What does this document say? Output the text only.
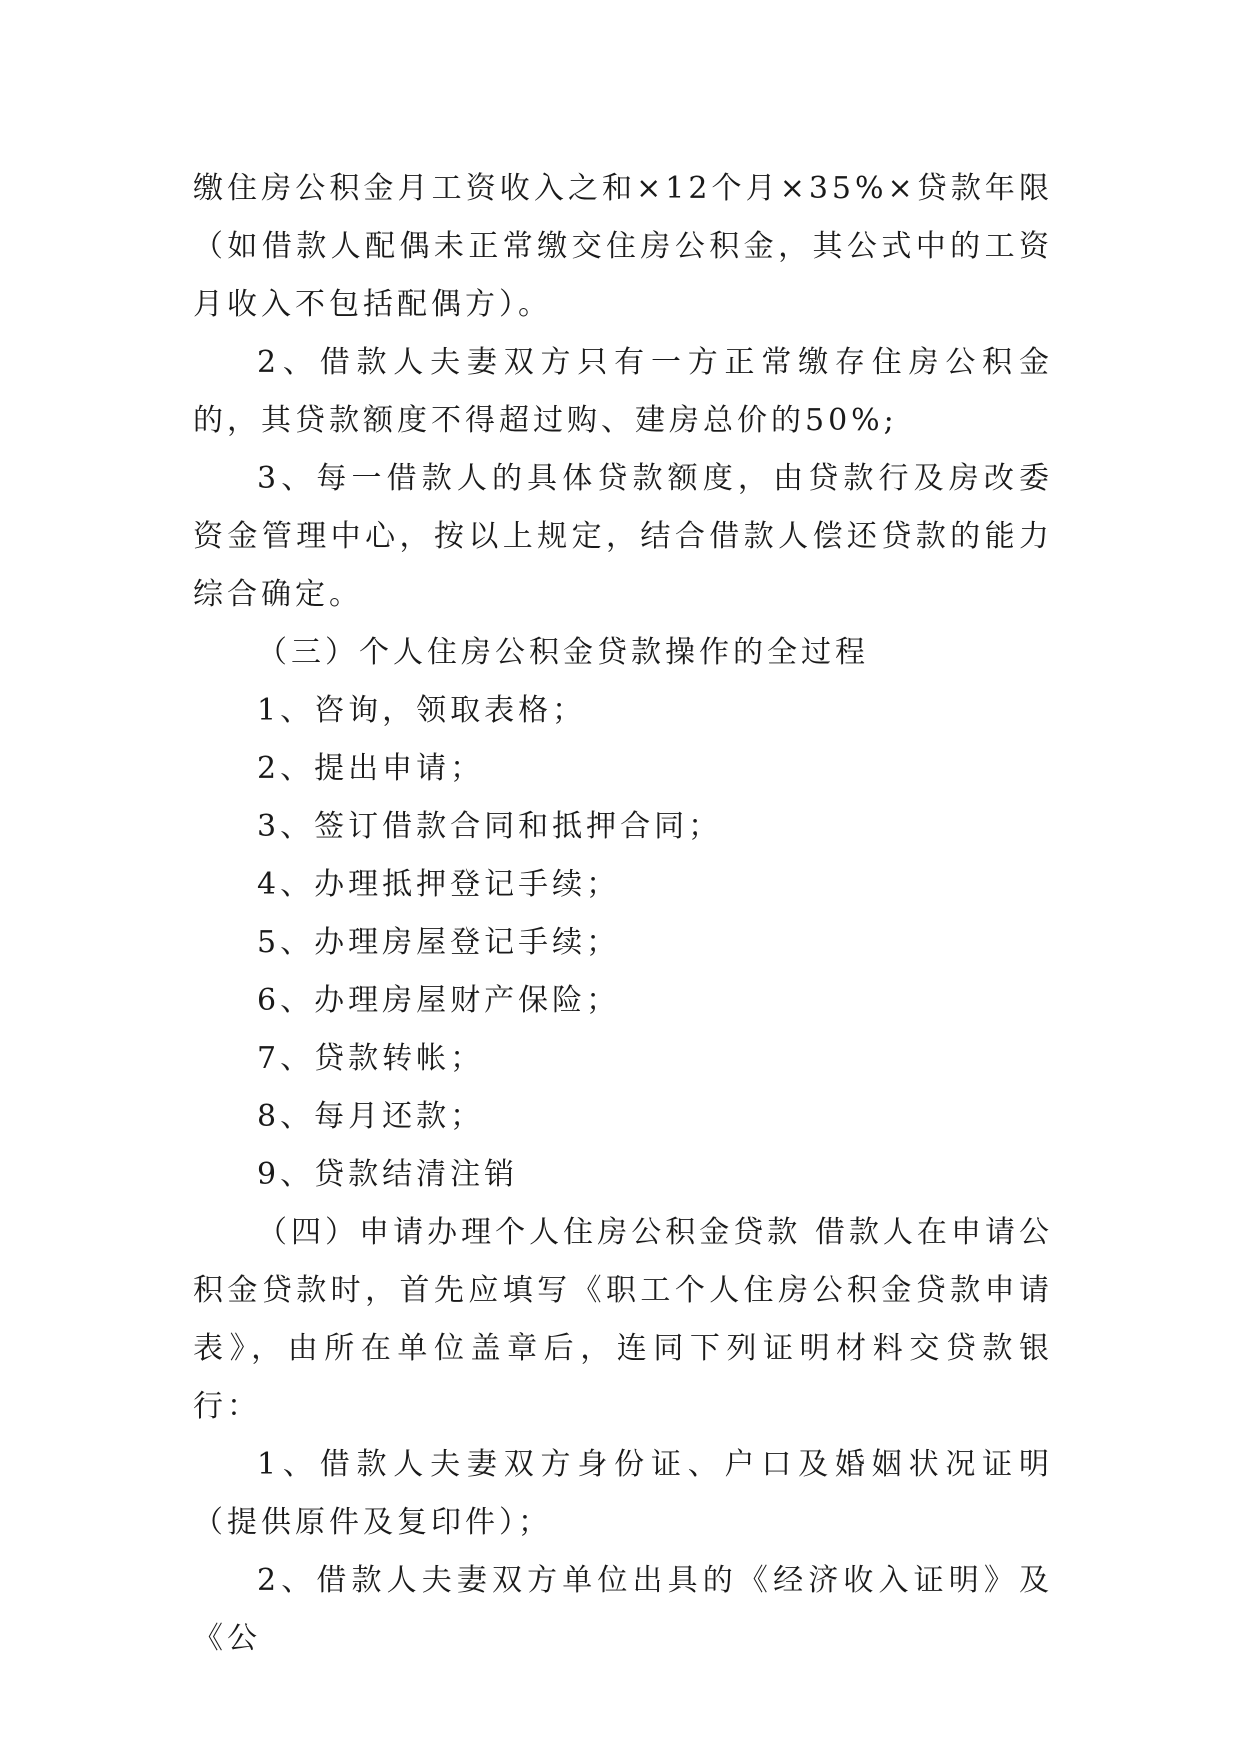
缴住房公积金月工资收入之和×12个月×35%×贷款年限（如借款人配偶未正常缴交住房公积金，其公式中的工资月收入不包括配偶方）。

2、借款人夫妻双方只有一方正常缴存住房公积金的，其贷款额度不得超过购、建房总价的50%;

3、每一借款人的具体贷款额度，由贷款行及房改委资金管理中心，按以上规定，结合借款人偿还贷款的能力综合确定。

（三）个人住房公积金贷款操作的全过程

1、咨询，领取表格；

2、提出申请；

3、签订借款合同和抵押合同；

4、办理抵押登记手续；

5、办理房屋登记手续；

6、办理房屋财产保险；

7、贷款转帐；

8、每月还款；

9、贷款结清注销

（四）申请办理个人住房公积金贷款 借款人在申请公积金贷款时，首先应填写《职工个人住房公积金贷款申请表》，由所在单位盖章后，连同下列证明材料交贷款银行：

1、借款人夫妻双方身份证、户口及婚姻状况证明（提供原件及复印件）；

2、借款人夫妻双方单位出具的《经济收入证明》及《公
